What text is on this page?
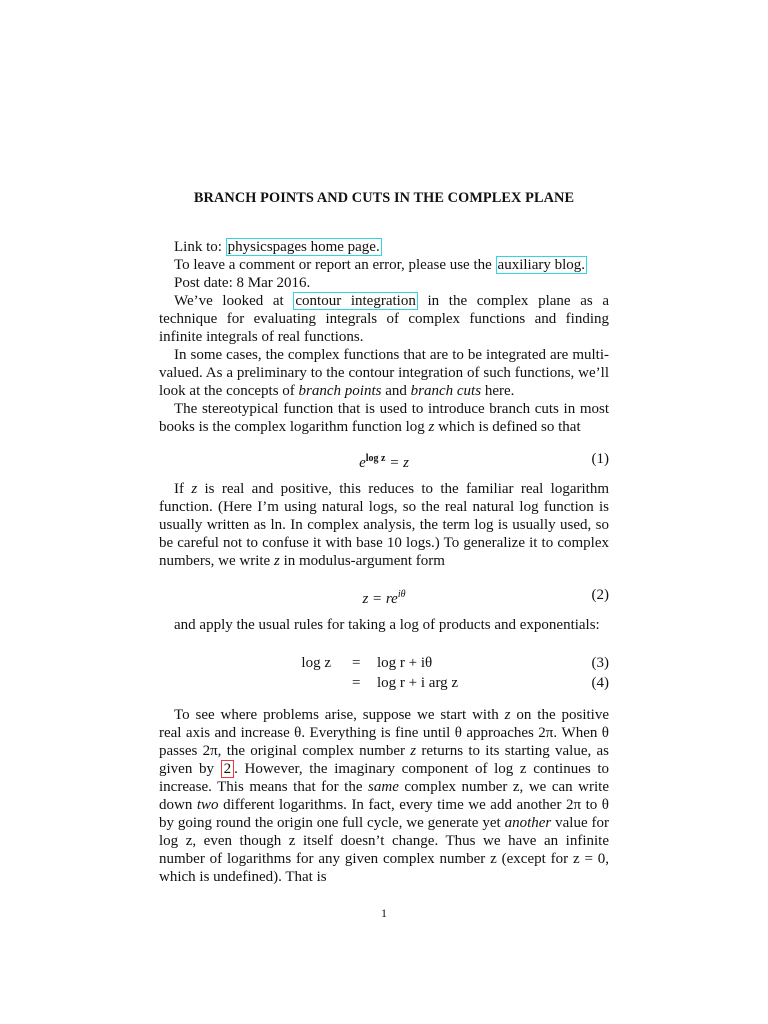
BRANCH POINTS AND CUTS IN THE COMPLEX PLANE

Link to: physicspages home page.

To leave a comment or report an error, please use the auxiliary blog.

Post date: 8 Mar 2016.

We’ve looked at contour integration in the complex plane as a technique for evaluating integrals of complex functions and finding infinite integrals of real functions.

In some cases, the complex functions that are to be integrated are multi-valued. As a preliminary to the contour integration of such functions, we’ll look at the concepts of branch points and branch cuts here.

The stereotypical function that is used to introduce branch cuts in most books is the complex logarithm function log z which is defined so that

$e^{log z} = z$	(1)

If z is real and positive, this reduces to the familiar real logarithm function. (Here I’m using natural logs, so the real natural log function is usually written as ln. In complex analysis, the term log is usually used, so be careful not to confuse it with base 10 logs.) To generalize it to complex numbers, we write z in modulus-argument form

$z = re^{i\theta}$	(2)

and apply the usual rules for taking a log of products and exponentials:

log z = log r + iθ	(3)
= log r + i arg z	(4)

To see where problems arise, suppose we start with z on the positive real axis and increase θ. Everything is fine until θ approaches 2π. When θ passes 2π, the original complex number z returns to its starting value, as given by 2 . However, the imaginary component of log z continues to increase. This means that for the same complex number z, we can write down two different logarithms. In fact, every time we add another 2π to θ by going round the origin one full cycle, we generate yet another value for log z, even though z itself doesn’t change. Thus we have an infinite number of logarithms for any given complex number z (except for z = 0, which is undefined). That is

1
